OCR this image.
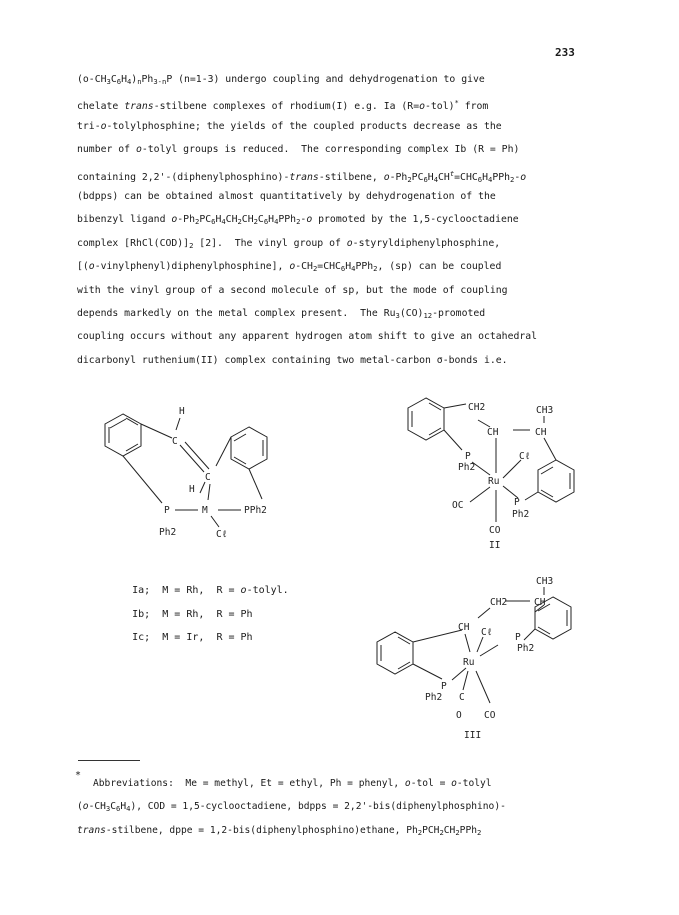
233
$(o-CH_3C_6H_4)_nPh_{3-n}P$ (n=1-3) undergo coupling and dehydrogenation to give
chelate trans-stilbene complexes of rhodium(I) e.g. Ia (R=o-tol)* from
tri-o-tolylphosphine; the yields of the coupled products decrease as the
number of o-tolyl groups is reduced.  The corresponding complex Ib (R = Ph)
containing 2,2'-(diphenylphosphino)-trans-stilbene, $o-Ph_2PC_6H_4CH^t=CHC_6H_4PPh_2-o$
(bdpps) can be obtained almost quantitatively by dehydrogenation of the
bibenzyl ligand $o-Ph_2PC_6H_4CH_2CH_2C_6H_4PPh_2-o$ promoted by the 1,5-cyclooctadiene
complex $[RhCl(COD)]_2$ [2].  The vinyl group of o-styryldiphenylphosphine,
[(o-vinylphenyl)diphenylphosphine], $o-CH_2=CHC_6H_4PPh_2$, (sp) can be coupled
with the vinyl group of a second molecule of sp, but the mode of coupling
depends markedly on the metal complex present.  The $Ru_3(CO)_{12}$-promoted
coupling occurs without any apparent hydrogen atom shift to give an octahedral
dicarbonyl ruthenium(II) complex containing two metal-carbon σ-bonds i.e.
H
C
C
H
P	M	PPh2
Ph2	Cℓ
CH2	CH3
CH	CH
P
Ph2
Cℓ
Ru
OC	P
Ph2
CO
II
CH3
CH2	CH
CH Cℓ P
Ph2
Ru
P
Ph2 C
O CO
III

Ia; M = Rh, R = o-tolyl.

Ib; M = Rh, R = Ph

Ic; M = Ir, R = Ph

*
Abbreviations:  Me = methyl, Et = ethyl, Ph = phenyl, o-tol = o-tolyl
$(o-CH_3C_6H_4)$, COD = 1,5-cyclooctadiene, bdpps = 2,2'-bis(diphenylphosphino)-
trans-stilbene, dppe = 1,2-bis(diphenylphosphino)ethane, $Ph_2PCH_2CH_2PPh_2$
